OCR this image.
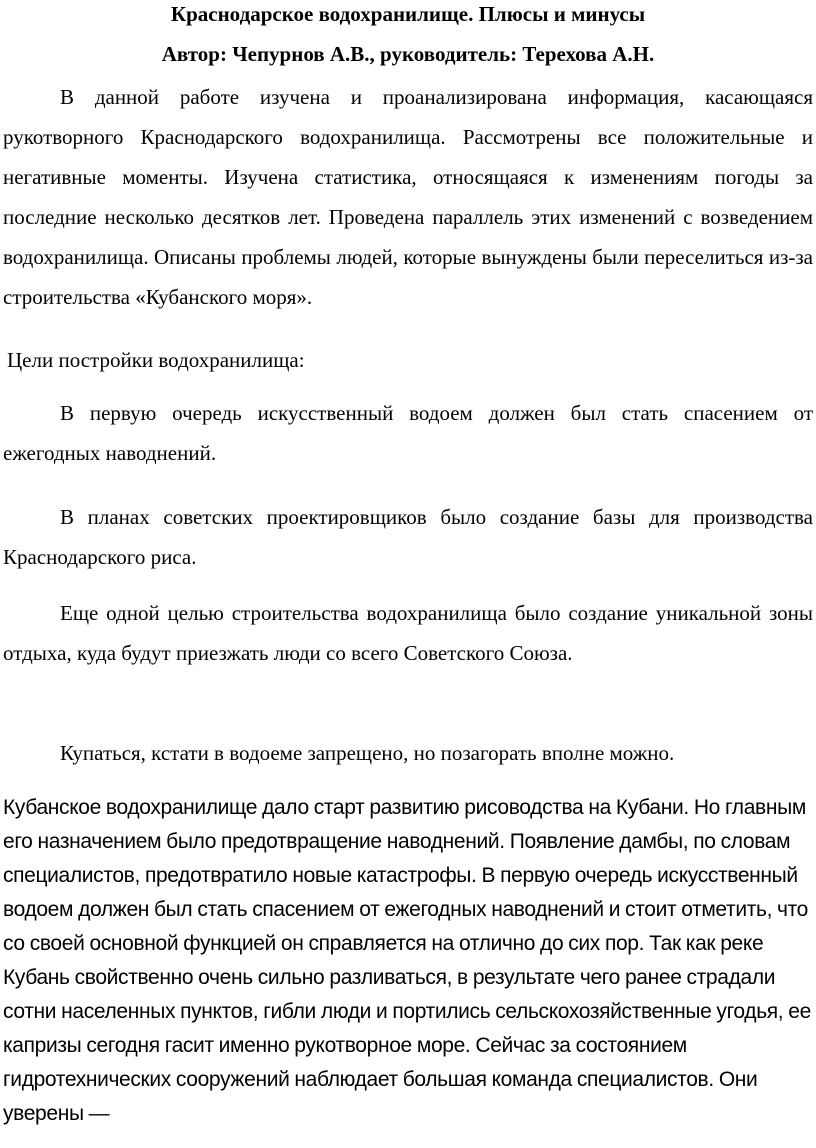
Краснодарское водохранилище. Плюсы и минусы
Автор: Чепурнов А.В., руководитель: Терехова А.Н.

В данной работе изучена и проанализирована информация, касающаяся рукотворного Краснодарского водохранилища. Рассмотрены все положительные и негативные моменты. Изучена статистика, относящаяся к изменениям погоды за последние несколько десятков лет. Проведена параллель этих изменений с возведением водохранилища. Описаны проблемы людей, которые вынуждены были переселиться из-за строительства «Кубанского моря».

Цели постройки водохранилища:

В первую очередь искусственный водоем должен был стать спасением от ежегодных наводнений.

В планах советских проектировщиков было создание базы для производства Краснодарского риса.

Еще одной целью строительства водохранилища было создание уникальной зоны отдыха, куда будут приезжать люди со всего Советского Союза.

Купаться, кстати в водоеме запрещено, но позагорать вполне можно.

Кубанское водохранилище дало старт развитию рисоводства на Кубани. Но главным его назначением было предотвращение наводнений. Появление дамбы, по словам специалистов, предотвратило новые катастрофы. В первую очередь искусственный водоем должен был стать спасением от ежегодных наводнений и стоит отметить, что со своей основной функцией он справляется на отлично до сих пор. Так как реке Кубань свойственно очень сильно разливаться, в результате чего ранее страдали сотни населенных пунктов, гибли люди и портились сельскохозяйственные угодья, ее капризы сегодня гасит именно рукотворное море. Сейчас за состоянием гидротехнических сооружений наблюдает большая команда специалистов. Они уверены —
